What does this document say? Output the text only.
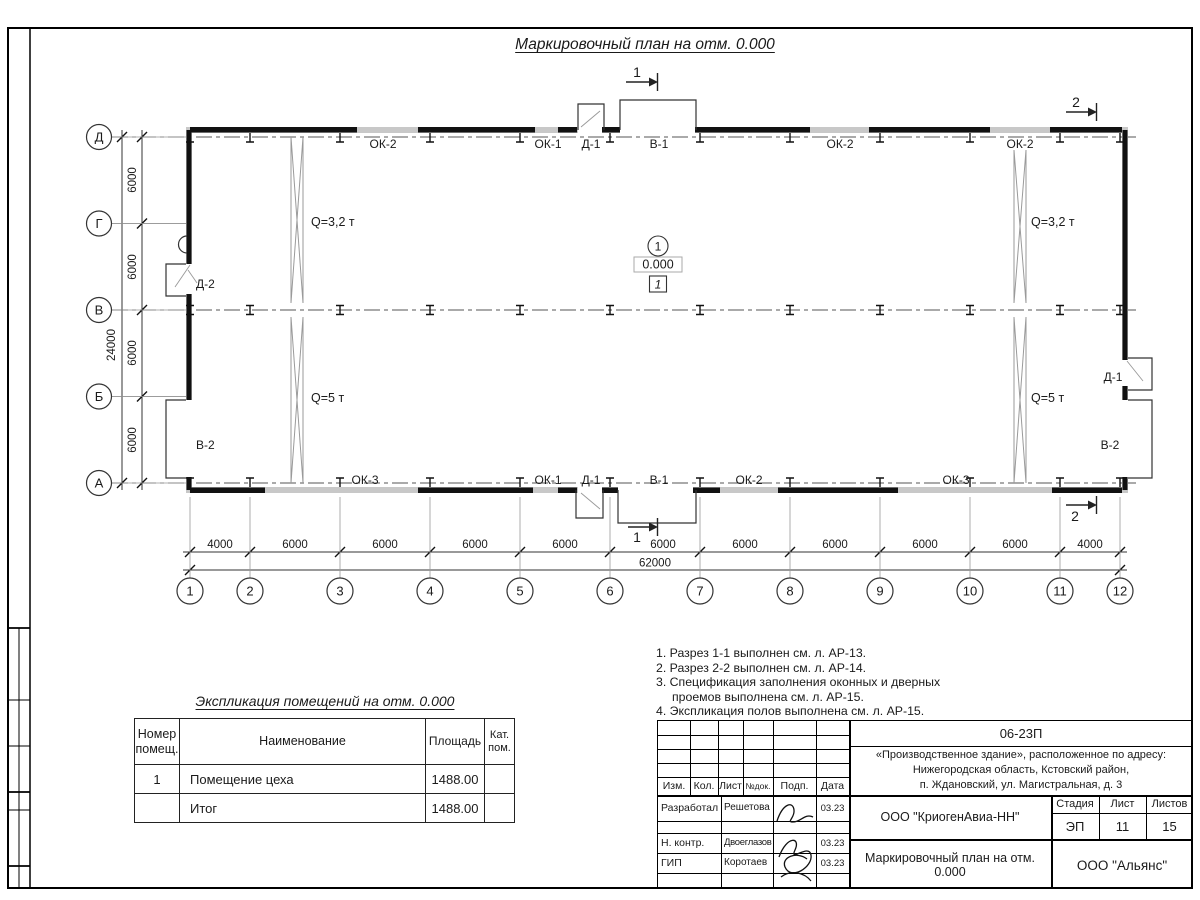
4000	6000	6000	6000	6000	6000	6000	6000	6000	6000	4000
62000
6000
6000
6000
6000
24000
1	2	3	4	5	6	7	8	9	10	11	12
Д
Г
В
Б
А
ОК-2	ОК-1 Д-1	В-1	ОК-2	ОК-2
ОК-3	ОК-1 Д-1	В-1	ОК-2	ОК-3
Д-2
В-2
Д-1
В-2
Q=3,2 т	Q=3,2 т
Q=5 т	Q=5 т
1
0.000
1
1
1
2
2
Маркировочный план на отм. 0.000
Экспликация помещений на отм. 0.000
Номер помещ.	Наименование	Площадь	Кат. пом.
1	Помещение цеха	1488.00	
	Итог	1488.00	
1. Разрез 1-1 выполнен см. л. АР-13.
2. Разрез 2-2 выполнен см. л. АР-14.
3. Спецификация заполнения оконных и дверных проемов выполнена см. л. АР-15.
4. Экспликация полов выполнена см. л. АР-15.
Изм. Кол. Лист №док. Подп.	Дата
Разработал Решетова	03.23
Н. контр.	Двоеглазов	03.23
ГИП	Коротаев	03.23
06-23П
«Производственное здание», расположенное по адресу:
Нижегородская область, Кстовский район,
п. Ждановский, ул. Магистральная, д. 3
ООО "КриогенАвиа-НН"
Стадия	Лист	Листов
ЭП	11	15
Маркировочный план на отм. 0.000	ООО "Альянс"
